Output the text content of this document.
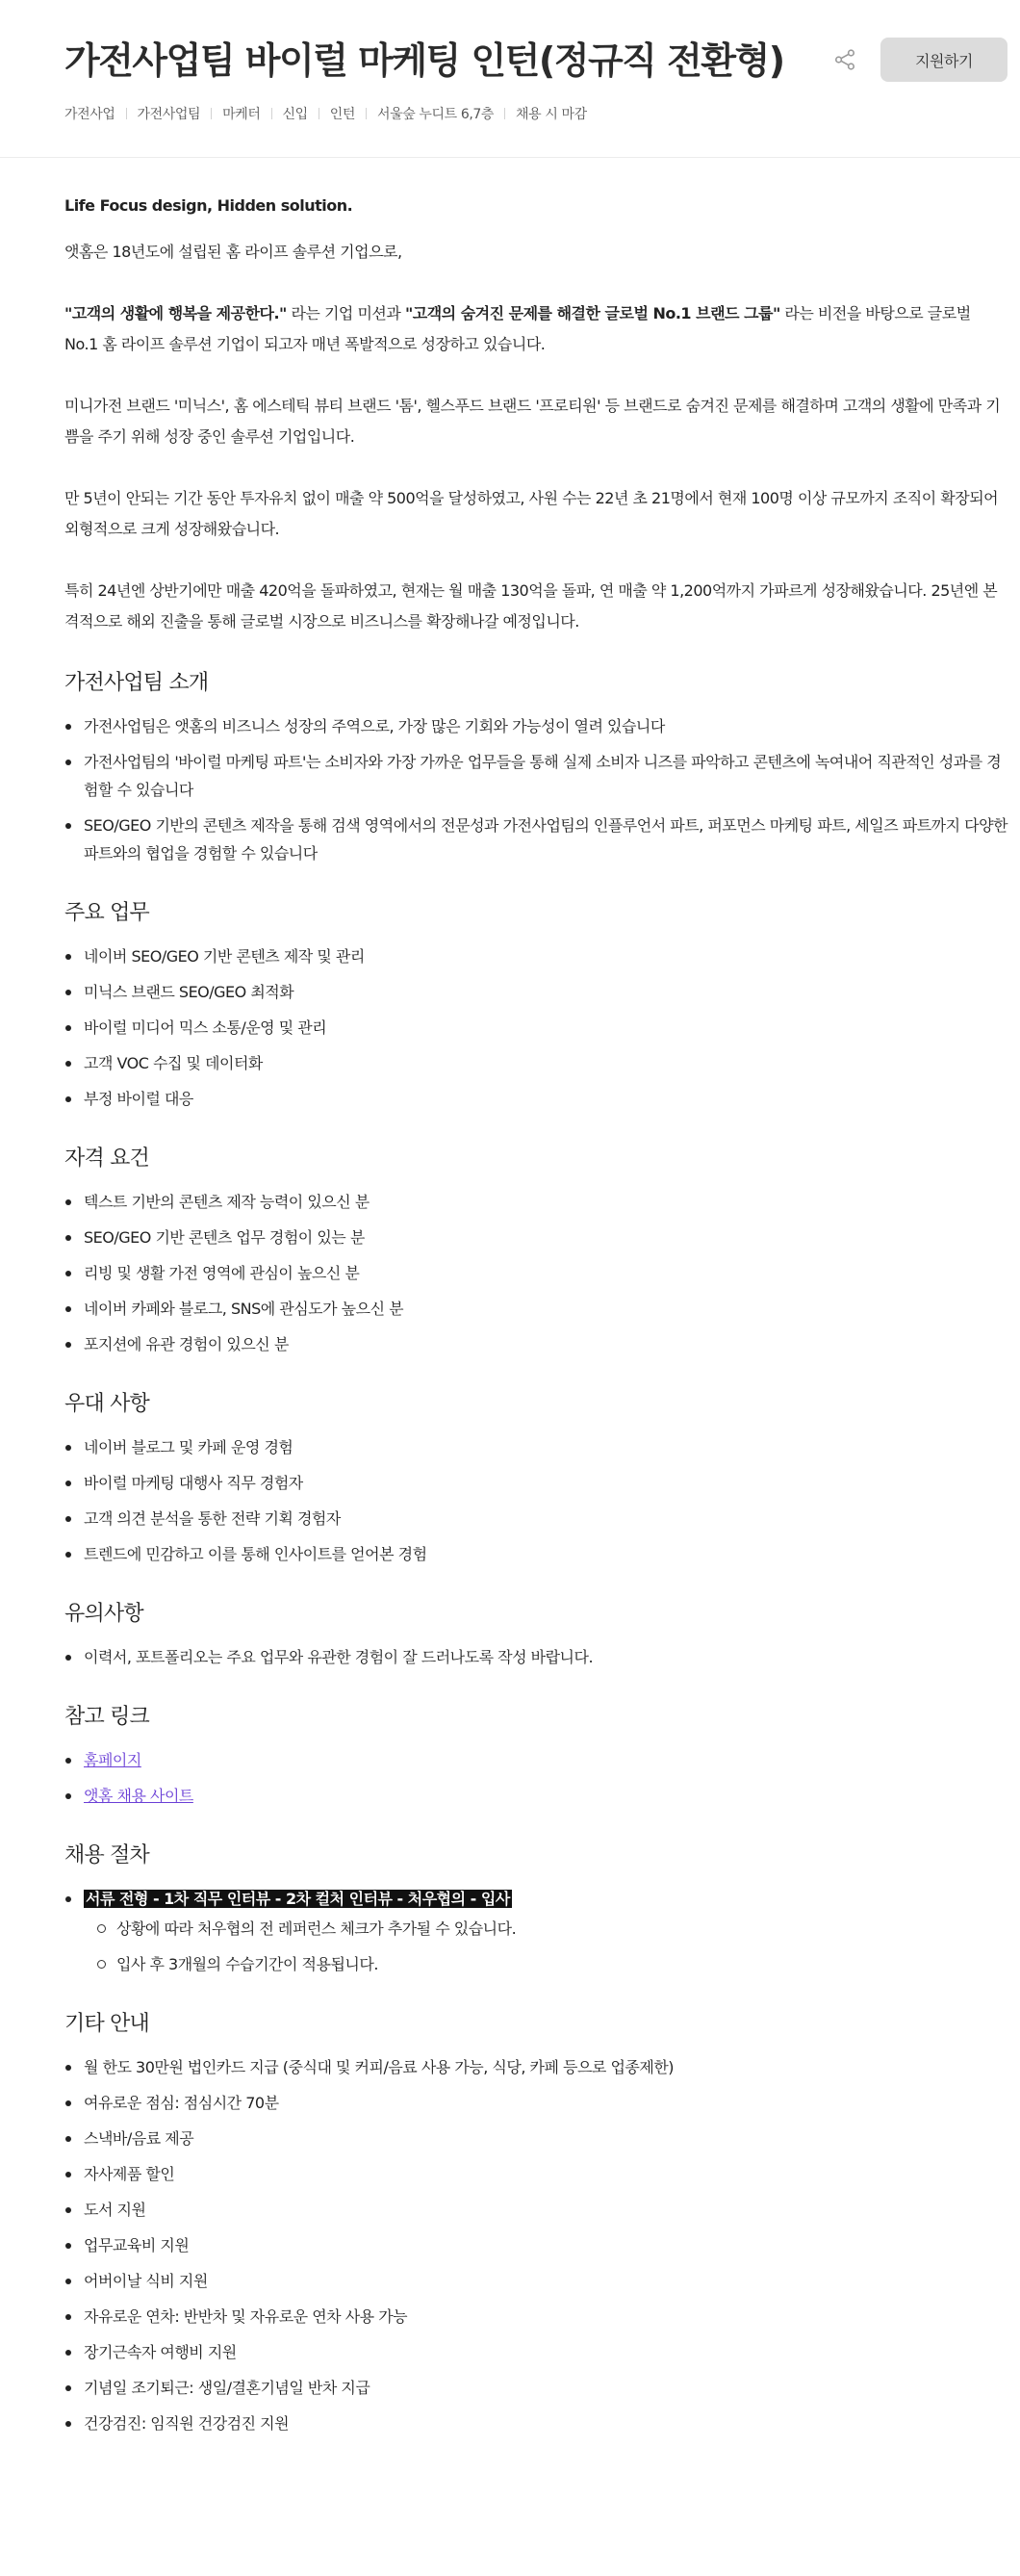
가전사업팀 바이럴 마케팅 인턴(정규직 전환형)	지원하기
가전사업 가전사업팀 마케터 신입 인턴 서울숲 누디트 6,7층 채용 시 마감

Life Focus design, Hidden solution.

앳홈은 18년도에 설립된 홈 라이프 솔루션 기업으로,

"고객의 생활에 행복을 제공한다." 라는 기업 미션과 "고객의 숨겨진 문제를 해결한 글로벌 No.1 브랜드 그룹" 라는 비전을 바탕으로 글로벌 No.1 홈 라이프 솔루션 기업이 되고자 매년 폭발적으로 성장하고 있습니다.

미니가전 브랜드 '미닉스', 홈 에스테틱 뷰티 브랜드 '톰', 헬스푸드 브랜드 '프로티원' 등 브랜드로 숨겨진 문제를 해결하며 고객의 생활에 만족과 기쁨을 주기 위해 성장 중인 솔루션 기업입니다.

만 5년이 안되는 기간 동안 투자유치 없이 매출 약 500억을 달성하였고, 사원 수는 22년 초 21명에서 현재 100명 이상 규모까지 조직이 확장되어 외형적으로 크게 성장해왔습니다.

특히 24년엔 상반기에만 매출 420억을 돌파하였고, 현재는 월 매출 130억을 돌파, 연 매출 약 1,200억까지 가파르게 성장해왔습니다. 25년엔 본격적으로 해외 진출을 통해 글로벌 시장으로 비즈니스를 확장해나갈 예정입니다.

가전사업팀 소개
가전사업팀은 앳홈의 비즈니스 성장의 주역으로, 가장 많은 기회와 가능성이 열려 있습니다
가전사업팀의 '바이럴 마케팅 파트'는 소비자와 가장 가까운 업무들을 통해 실제 소비자 니즈를 파악하고 콘텐츠에 녹여내어 직관적인 성과를 경험할 수 있습니다
SEO/GEO 기반의 콘텐츠 제작을 통해 검색 영역에서의 전문성과 가전사업팀의 인플루언서 파트, 퍼포먼스 마케팅 파트, 세일즈 파트까지 다양한 파트와의 협업을 경험할 수 있습니다
주요 업무
네이버 SEO/GEO 기반 콘텐츠 제작 및 관리
미닉스 브랜드 SEO/GEO 최적화
바이럴 미디어 믹스 소통/운영 및 관리
고객 VOC 수집 및 데이터화
부정 바이럴 대응
자격 요건
텍스트 기반의 콘텐츠 제작 능력이 있으신 분
SEO/GEO 기반 콘텐츠 업무 경험이 있는 분
리빙 및 생활 가전 영역에 관심이 높으신 분
네이버 카페와 블로그, SNS에 관심도가 높으신 분
포지션에 유관 경험이 있으신 분
우대 사항
네이버 블로그 및 카페 운영 경험
바이럴 마케팅 대행사 직무 경험자
고객 의견 분석을 통한 전략 기획 경험자
트렌드에 민감하고 이를 통해 인사이트를 얻어본 경험
유의사항
이력서, 포트폴리오는 주요 업무와 유관한 경험이 잘 드러나도록 작성 바랍니다.
참고 링크
홈페이지
앳홈 채용 사이트
채용 절차
서류 전형 - 1차 직무 인터뷰 - 2차 컬처 인터뷰 - 처우협의 - 입사
상황에 따라 처우협의 전 레퍼런스 체크가 추가될 수 있습니다.
입사 후 3개월의 수습기간이 적용됩니다.
기타 안내
월 한도 30만원 법인카드 지급 (중식대 및 커피/음료 사용 가능, 식당, 카페 등으로 업종제한)
여유로운 점심: 점심시간 70분
스낵바/음료 제공
자사제품 할인
도서 지원
업무교육비 지원
어버이날 식비 지원
자유로운 연차: 반반차 및 자유로운 연차 사용 가능
장기근속자 여행비 지원
기념일 조기퇴근: 생일/결혼기념일 반차 지급
건강검진: 임직원 건강검진 지원
